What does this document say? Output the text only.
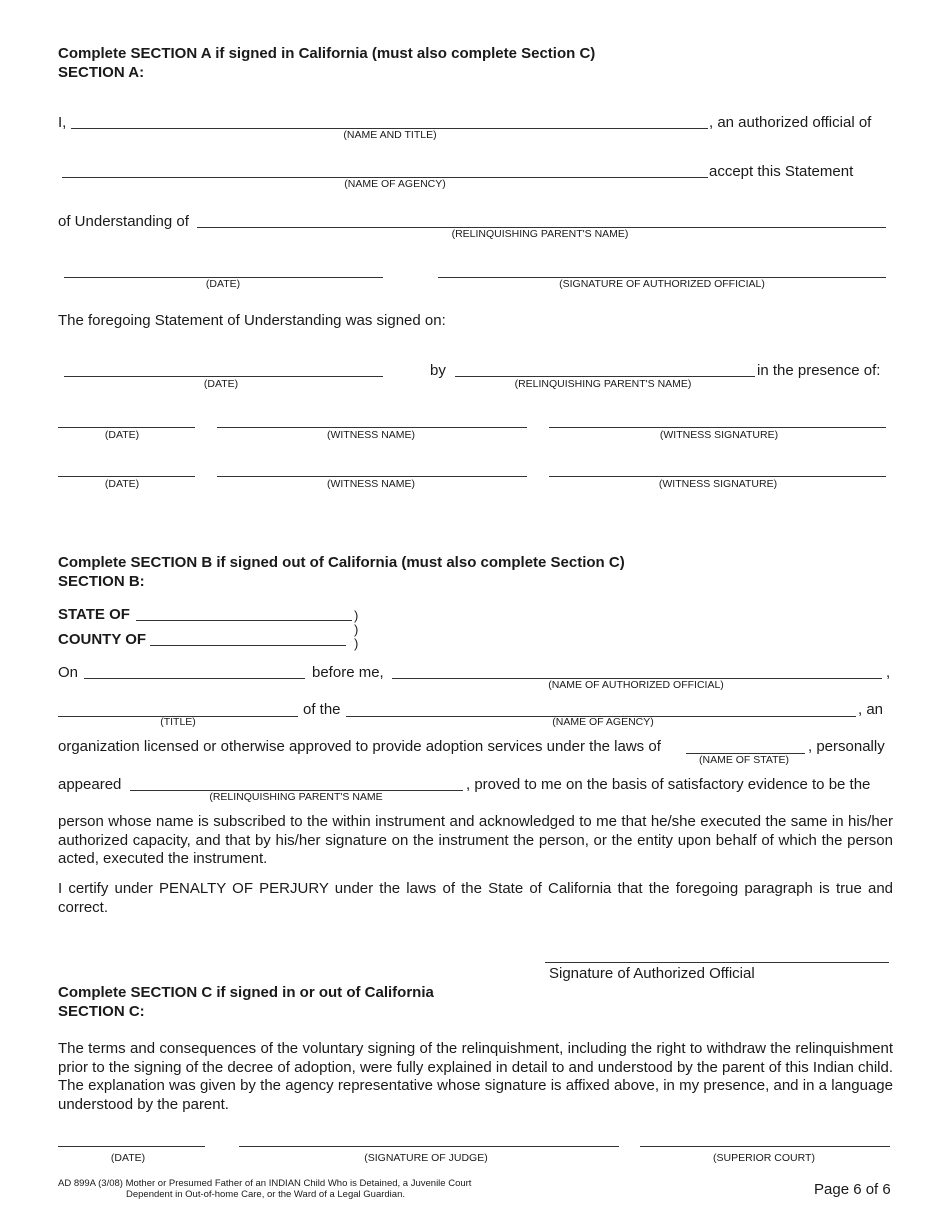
Complete SECTION A if signed in California (must also complete Section C)
SECTION A:
I,	, an authorized official of
(NAME AND TITLE)
accept this Statement
(NAME OF AGENCY)
of Understanding of
(RELINQUISHING PARENT'S NAME)
(DATE)	(SIGNATURE OF AUTHORIZED OFFICIAL)
The foregoing Statement of Understanding was signed on:
(DATE)
by	in the presence of:
(RELINQUISHING PARENT'S NAME)
(DATE)	(WITNESS NAME)	(WITNESS SIGNATURE)
(DATE)	(WITNESS NAME)	(WITNESS SIGNATURE)
Complete SECTION B if signed out of California (must also complete Section C)
SECTION B:
STATE OF
COUNTY OF
)
)
)
On	before me,	,
(NAME OF AUTHORIZED OFFICIAL)
of the	, an
(TITLE)	(NAME OF AGENCY)
organization licensed or otherwise approved to provide adoption services under the laws of	, personally
(NAME OF STATE)
appeared	, proved to me on the basis of satisfactory evidence to be the
(RELINQUISHING PARENT'S NAME
person whose name is subscribed to the within instrument and acknowledged to me that he/she executed the same in his/her authorized capacity, and that by his/her signature on the instrument the person, or the entity upon behalf of which the person acted, executed the instrument.
I certify under PENALTY OF PERJURY under the laws of the State of California that the foregoing paragraph is true and correct.
Signature of Authorized Official
Complete SECTION C if signed in or out of California
SECTION C:
The terms and consequences of the voluntary signing of the relinquishment, including the right to withdraw the relinquishment prior to the signing of the decree of adoption, were fully explained in detail to and understood by the parent of this Indian child. The explanation was given by the agency representative whose signature is affixed above, in my presence, and in a language understood by the parent.
(DATE)	(SIGNATURE OF JUDGE)	(SUPERIOR COURT)
AD 899A (3/08) Mother or Presumed Father of an INDIAN Child Who is Detained, a Juvenile Court
Dependent in Out-of-home Care, or the Ward of a Legal Guardian.	Page 6 of 6
